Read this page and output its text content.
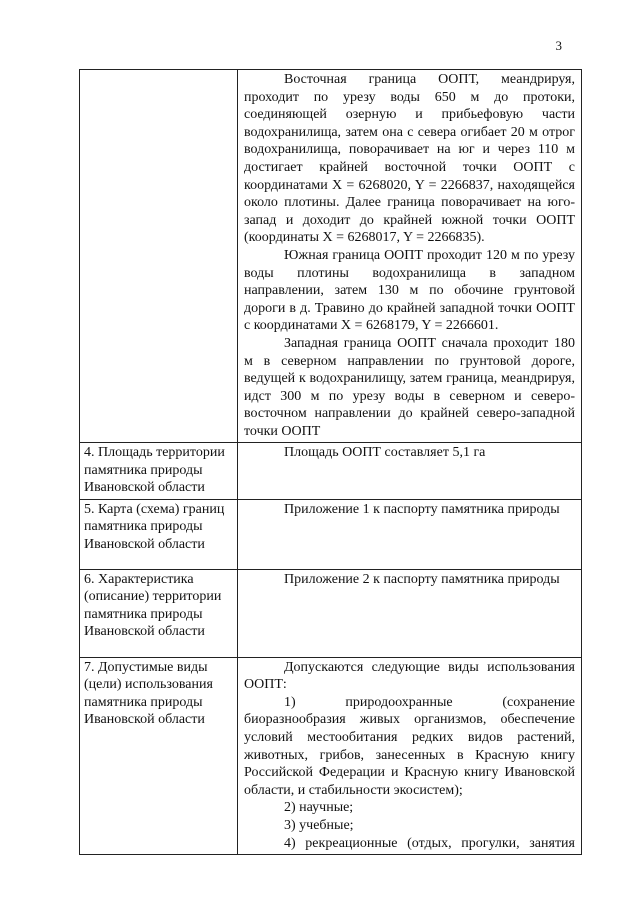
3

	Восточная граница ООПТ, меандрируя, проходит по урезу воды 650 м до протоки, соединяющей озерную и прибьефовую части водохранилища, затем она с севера огибает 20 м отрог водохранилища, поворачивает на юг и через 110 м достигает крайней восточной точки ООПТ с координатами X = 6268020, Y = 2266837, находящейся около плотины. Далее граница поворачивает на юго-запад и доходит до крайней южной точки ООПТ (координаты X = 6268017, Y = 2266835).

Южная граница ООПТ проходит 120 м по урезу воды плотины водохранилища в западном направлении, затем 130 м по обочине грунтовой дороги в д. Травино до крайней западной точки ООПТ с координатами X = 6268179, Y = 2266601.

Западная граница ООПТ сначала проходит 180 м в северном направлении по грунтовой дороге, ведущей к водохранилищу, затем граница, меандрируя, идст 300 м по урезу воды в северном и северо-восточном направлении до крайней северо-западной точки ООПТ

4. Площадь территории памятника природы Ивановской области	Площадь ООПТ составляет 5,1 га

5. Карта (схема) границ памятника природы Ивановской области	Приложение 1 к паспорту памятника природы

6. Характеристика (описание) территории памятника природы Ивановской области	Приложение 2 к паспорту памятника природы

7. Допустимые виды (цели) использования памятника природы Ивановской области	Допускаются следующие виды использования ООПТ:

1) природоохранные (сохранение биоразнообразия живых организмов, обеспечение условий местообитания редких видов растений, животных, грибов, занесенных в Красную книгу Российской Федерации и Красную книгу Ивановской области, и стабильности экосистем);

2) научные;

3) учебные;

4) рекреационные (отдых, прогулки, занятия
